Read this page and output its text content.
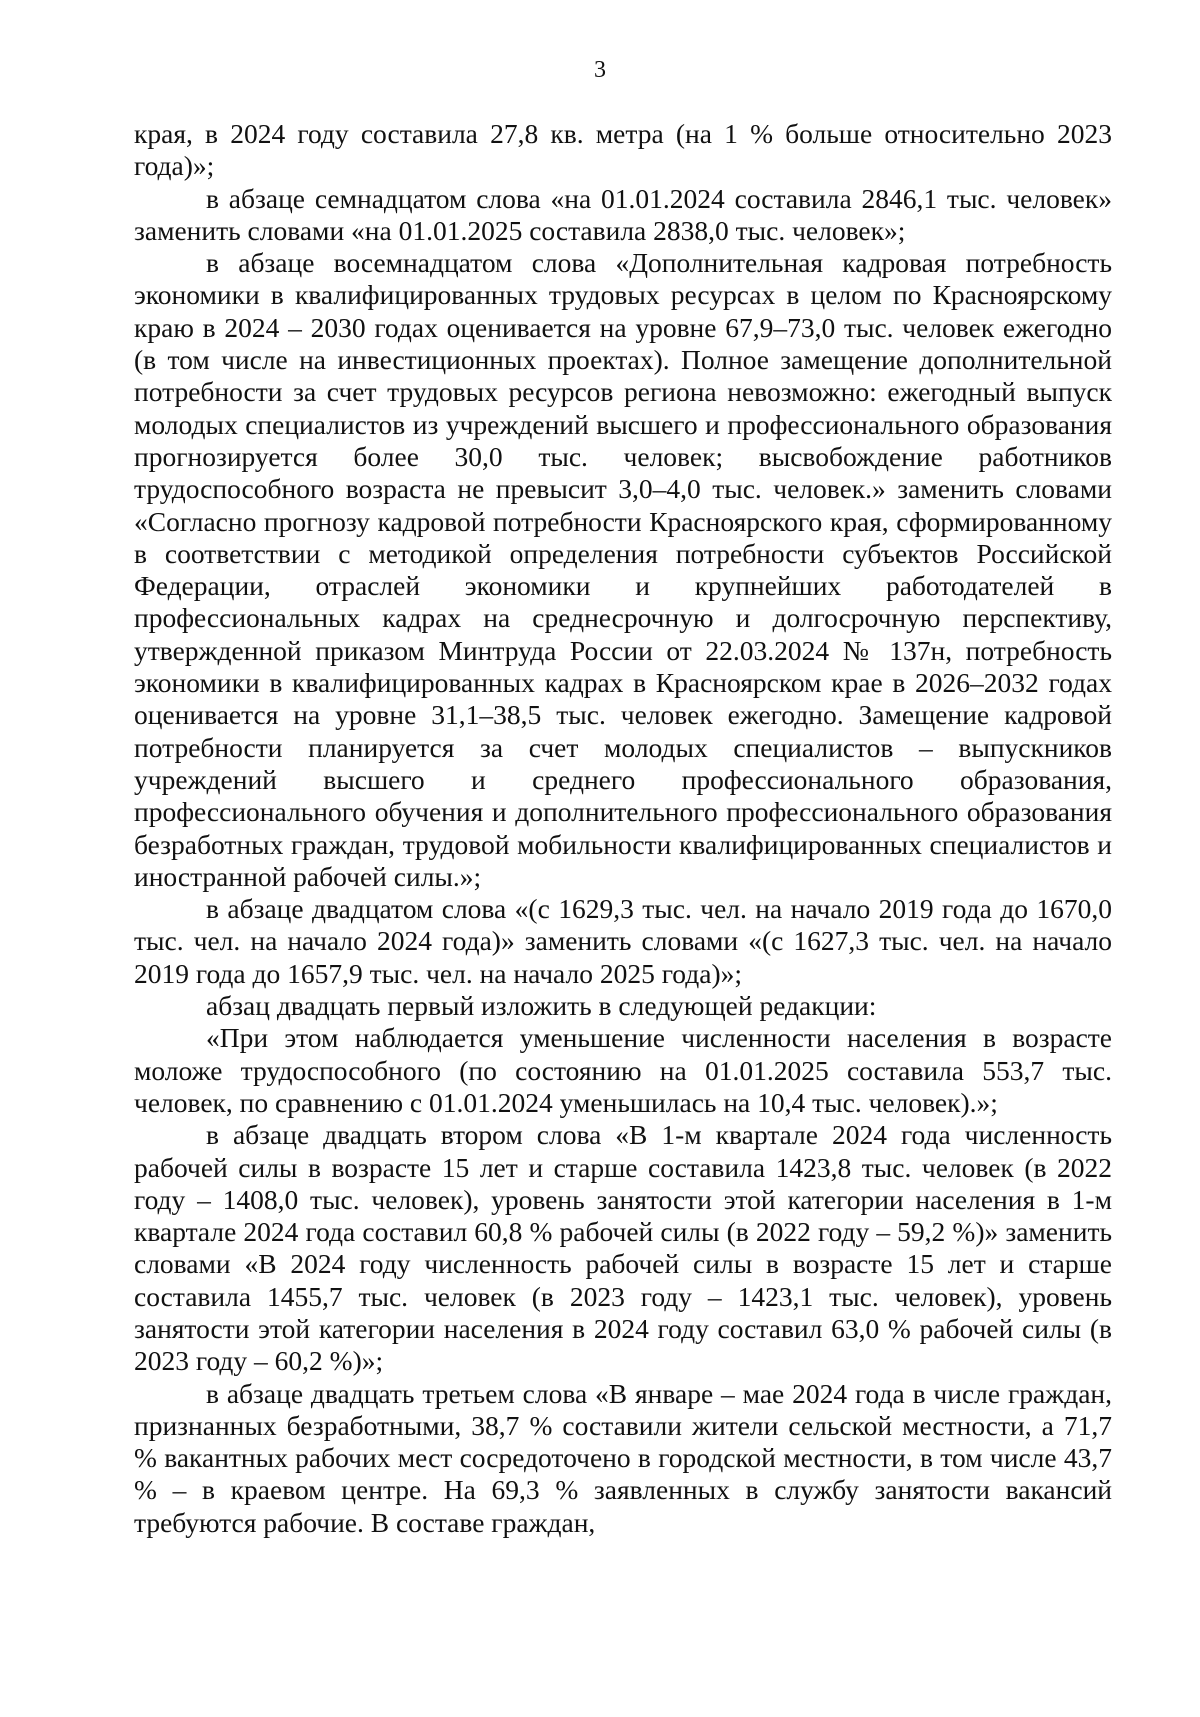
3

края, в 2024 году составила 27,8 кв. метра (на 1 % больше относительно 2023 года)»;

в абзаце семнадцатом слова «на 01.01.2024 составила 2846,1 тыс. человек» заменить словами «на 01.01.2025 составила 2838,0 тыс. человек»;

в абзаце восемнадцатом слова «Дополнительная кадровая потребность экономики в квалифицированных трудовых ресурсах в целом по Красноярскому краю в 2024 – 2030 годах оценивается на уровне 67,9–73,0 тыс. человек ежегодно (в том числе на инвестиционных проектах). Полное замещение дополнительной потребности за счет трудовых ресурсов региона невозможно: ежегодный выпуск молодых специалистов из учреждений высшего и профессионального образования прогнозируется более 30,0 тыс. человек; высвобождение работников трудоспособного возраста не превысит 3,0–4,0 тыс. человек.» заменить словами «Согласно прогнозу кадровой потребности Красноярского края, сформированному в соответствии с методикой определения потребности субъектов Российской Федерации, отраслей экономики и крупнейших работодателей в профессиональных кадрах на среднесрочную и долгосрочную перспективу, утвержденной приказом Минтруда России от 22.03.2024 № 137н, потребность экономики в квалифицированных кадрах в Красноярском крае в 2026–2032 годах оценивается на уровне 31,1–38,5 тыс. человек ежегодно. Замещение кадровой потребности планируется за счет молодых специалистов – выпускников учреждений высшего и среднего профессионального образования, профессионального обучения и дополнительного профессионального образования безработных граждан, трудовой мобильности квалифицированных специалистов и иностранной рабочей силы.»;

в абзаце двадцатом слова «(с 1629,3 тыс. чел. на начало 2019 года до 1670,0 тыс. чел. на начало 2024 года)» заменить словами «(с 1627,3 тыс. чел. на начало 2019 года до 1657,9 тыс. чел. на начало 2025 года)»;

абзац двадцать первый изложить в следующей редакции:

«При этом наблюдается уменьшение численности населения в возрасте моложе трудоспособного (по состоянию на 01.01.2025 составила 553,7 тыс. человек, по сравнению с 01.01.2024 уменьшилась на 10,4 тыс. человек).»;

в абзаце двадцать втором слова «В 1-м квартале 2024 года численность рабочей силы в возрасте 15 лет и старше составила 1423,8 тыс. человек (в 2022 году – 1408,0 тыс. человек), уровень занятости этой категории населения в 1-м квартале 2024 года составил 60,8 % рабочей силы (в 2022 году – 59,2 %)» заменить словами «В 2024 году численность рабочей силы в возрасте 15 лет и старше составила 1455,7 тыс. человек (в 2023 году – 1423,1 тыс. человек), уровень занятости этой категории населения в 2024 году составил 63,0 % рабочей силы (в 2023 году – 60,2 %)»;

в абзаце двадцать третьем слова «В январе – мае 2024 года в числе граждан, признанных безработными, 38,7 % составили жители сельской местности, а 71,7 % вакантных рабочих мест сосредоточено в городской местности, в том числе 43,7 % – в краевом центре. На 69,3 % заявленных в службу занятости вакансий требуются рабочие. В составе граждан,
